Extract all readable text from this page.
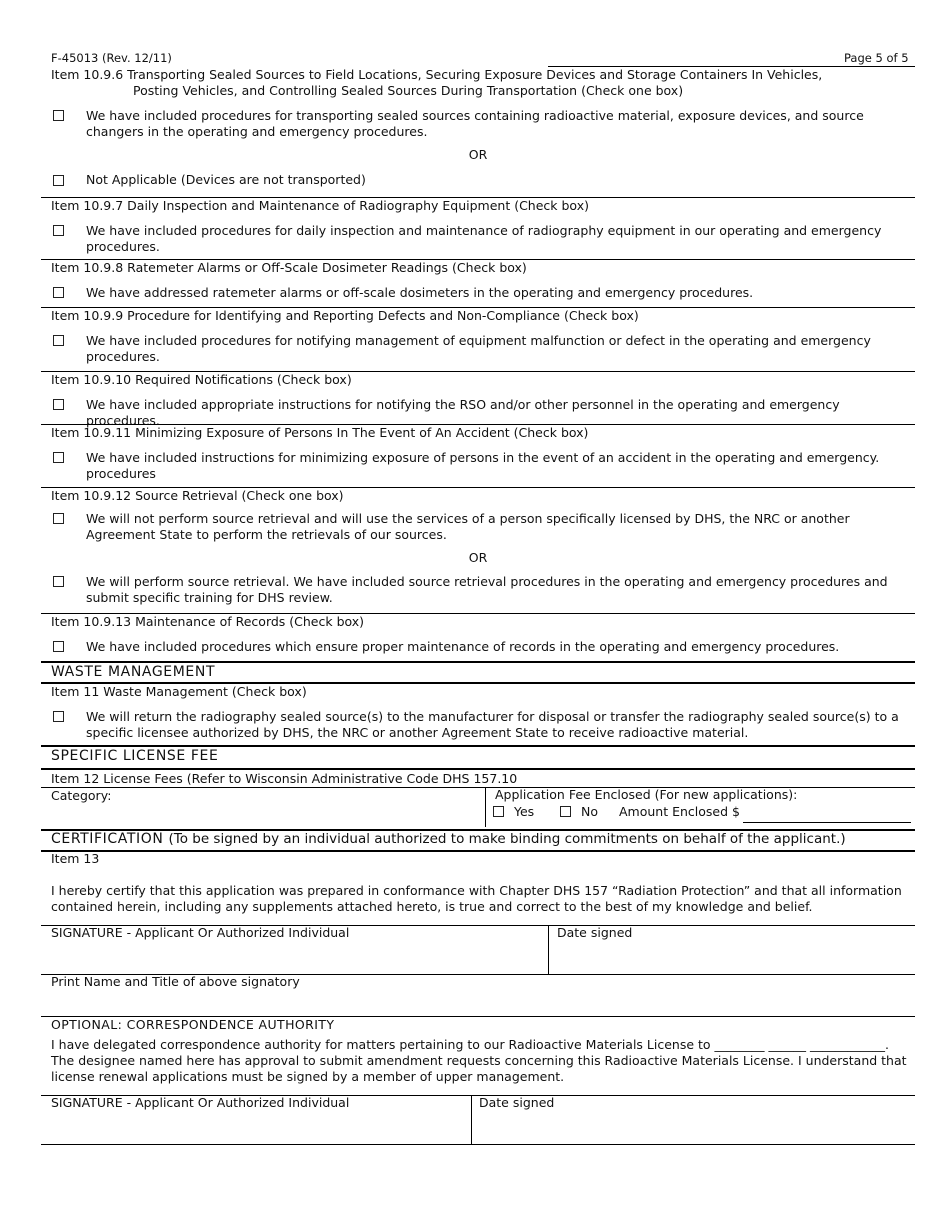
F-45013 (Rev. 12/11)	Page 5 of 5
Item 10.9.6 Transporting Sealed Sources to Field Locations, Securing Exposure Devices and Storage Containers In Vehicles,
Posting Vehicles, and Controlling Sealed Sources During Transportation (Check one box)
We have included procedures for transporting sealed sources containing radioactive material, exposure devices, and source changers in the operating and emergency procedures.
OR
Not Applicable (Devices are not transported)
Item 10.9.7 Daily Inspection and Maintenance of Radiography Equipment (Check box)
We have included procedures for daily inspection and maintenance of radiography equipment in our operating and emergency procedures.
Item 10.9.8 Ratemeter Alarms or Off-Scale Dosimeter Readings (Check box)
We have addressed ratemeter alarms or off-scale dosimeters in the operating and emergency procedures.
Item 10.9.9 Procedure for Identifying and Reporting Defects and Non-Compliance (Check box)
We have included procedures for notifying management of equipment malfunction or defect in the operating and emergency procedures.
Item 10.9.10 Required Notifications (Check box)
We have included appropriate instructions for notifying the RSO and/or other personnel in the operating and emergency procedures.
Item 10.9.11 Minimizing Exposure of Persons In The Event of An Accident (Check box)
We have included instructions for minimizing exposure of persons in the event of an accident in the operating and emergency. procedures
Item 10.9.12 Source Retrieval (Check one box)
We will not perform source retrieval and will use the services of a person specifically licensed by DHS, the NRC or another Agreement State to perform the retrievals of our sources.
OR
We will perform source retrieval. We have included source retrieval procedures in the operating and emergency procedures and submit specific training for DHS review.
Item 10.9.13 Maintenance of Records (Check box)
We have included procedures which ensure proper maintenance of records in the operating and emergency procedures.
WASTE MANAGEMENT
Item 11 Waste Management (Check box)
We will return the radiography sealed source(s) to the manufacturer for disposal or transfer the radiography sealed source(s) to a specific licensee authorized by DHS, the NRC or another Agreement State to receive radioactive material.
SPECIFIC LICENSE FEE
Item 12 License Fees (Refer to Wisconsin Administrative Code DHS 157.10
Category:	Application Fee Enclosed (For new applications):
Yes	No Amount Enclosed $
CERTIFICATION (To be signed by an individual authorized to make binding commitments on behalf of the applicant.)
Item 13
I hereby certify that this application was prepared in conformance with Chapter DHS 157 “Radiation Protection” and that all information contained herein, including any supplements attached hereto, is true and correct to the best of my knowledge and belief.
SIGNATURE - Applicant Or Authorized Individual	Date signed
Print Name and Title of above signatory
OPTIONAL: CORRESPONDENCE AUTHORITY
I have delegated correspondence authority for matters pertaining to our Radioactive Materials License to ________ ______ ____________. The designee named here has approval to submit amendment requests concerning this Radioactive Materials License. I understand that license renewal applications must be signed by a member of upper management.
SIGNATURE - Applicant Or Authorized Individual	Date signed
